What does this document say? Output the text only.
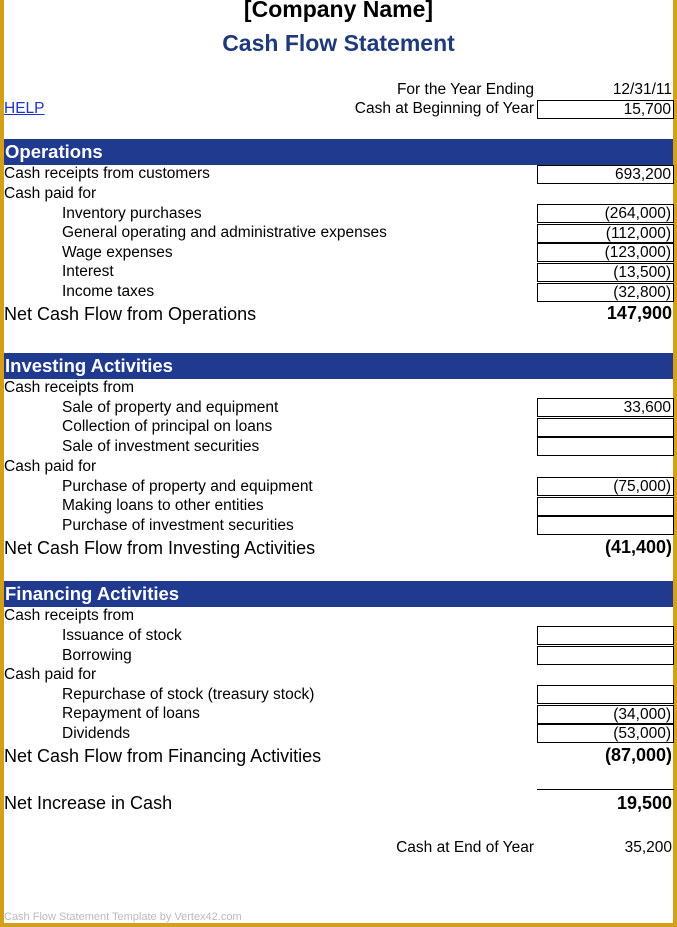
[Company Name]
Cash Flow Statement
For the Year Ending	12/31/11
HELP	Cash at Beginning of Year	15,700
Operations
Cash receipts from customers	693,200
Cash paid for
Inventory purchases	(264,000)
General operating and administrative expenses	(112,000)
Wage expenses	(123,000)
Interest	(13,500)
Income taxes	(32,800)
Net Cash Flow from Operations	147,900
Investing Activities
Cash receipts from
Sale of property and equipment	33,600
Collection of principal on loans
Sale of investment securities
Cash paid for
Purchase of property and equipment	(75,000)
Making loans to other entities
Purchase of investment securities
Net Cash Flow from Investing Activities	(41,400)
Financing Activities
Cash receipts from
Issuance of stock
Borrowing
Cash paid for
Repurchase of stock (treasury stock)
Repayment of loans	(34,000)
Dividends	(53,000)
Net Cash Flow from Financing Activities	(87,000)
Net Increase in Cash	19,500
Cash at End of Year	35,200
Cash Flow Statement Template by Vertex42.com
